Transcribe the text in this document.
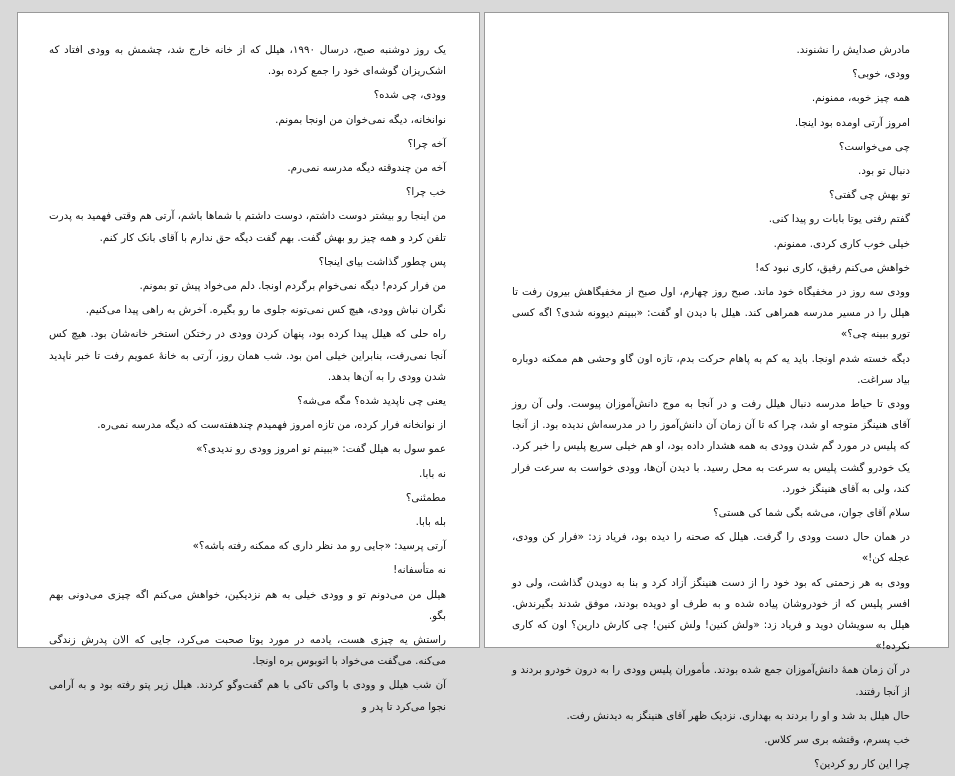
یک روز دوشنبه صبح، درسال ۱۹۹۰، هیلل که از خانه خارج شد، چشمش به وودی افتاد که اشک‌ریزان گوشه‌ای خود را جمع کرده بود.

وودی، چی شده؟

نوانخانه، دیگه نمی‌خوان من اونجا بمونم.

آخه چرا؟

آخه من چندوقته دیگه مدرسه نمی‌رم.

خب چرا؟

من اینجا رو بیشتر دوست داشتم، دوست داشتم با شماها باشم، آرتی هم وقتی فهمید به پدرت تلفن کرد و همه چیز رو بهش گفت. بهم گفت دیگه حق ندارم با آقای بانک کار کنم.

پس چطور گذاشت بیای اینجا؟

من فرار کردم! دیگه نمی‌خوام برگردم اونجا. دلم می‌خواد پیش تو بمونم.

نگران نباش وودی، هیچ کس نمی‌تونه جلوی ما رو بگیره. آخرش به راهی پیدا می‌کنیم.

راه حلی که هیلل پیدا کرده بود، پنهان کردن وودی در رختکن استخر خانه‌شان بود. هیچ کس آنجا نمی‌رفت، بنابراین خیلی امن بود. شب همان روز، آرتی به خانهٔ عمویم رفت تا خبر ناپدید شدن وودی را به آن‌ها بدهد.

یعنی چی ناپدید شده؟ مگه می‌شه؟

از نوانخانه فرار کرده، من تازه امروز فهمیدم چندهفته‌ست که دیگه مدرسه نمی‌ره.

عمو سول به هیلل گفت: «ببینم تو امروز وودی رو ندیدی؟»

نه بابا.

مطمئنی؟

بله بابا.

آرتی پرسید: «جایی رو مد نظر داری که ممکنه رفته باشه؟»

نه متأسفانه!

هیلل من می‌دونم تو و وودی خیلی به هم نزدیکین، خواهش می‌کنم اگه چیزی می‌دونی بهم بگو.

راستش یه چیزی هست، یادمه در مورد یوتا صحبت می‌کرد، جایی که الان پدرش زندگی می‌کنه. می‌گفت می‌خواد با اتوبوس بره اونجا.

آن شب هیلل و وودی با واکی تاکی با هم گفت‌وگو کردند. هیلل زیر پتو رفته بود و به آرامی نجوا می‌کرد تا پدر و

مادرش صدایش را نشنوند.

وودی، خوبی؟

همه چیز خوبه، ممنونم.

امروز آرتی اومده بود اینجا.

چی می‌خواست؟

دنبال تو بود.

تو بهش چی گفتی؟

گفتم رفتی یوتا بابات رو پیدا کنی.

خیلی خوب کاری کردی. ممنونم.

خواهش می‌کنم رفیق، کاری نبود که!

وودی سه روز در مخفیگاه خود ماند. صبح روز چهارم، اول صبح از مخفیگاهش بیرون رفت تا هیلل را در مسیر مدرسه همراهی کند. هیلل با دیدن او گفت: «ببینم دیوونه شدی؟ اگه کسی تورو ببینه چی؟»

دیگه خسته شدم اونجا. باید یه کم به پاهام حرکت بدم، تازه اون گاو وحشی هم ممکنه دوباره بیاد سراغت.

وودی تا حیاط مدرسه دنبال هیلل رفت و در آنجا به موج دانش‌آموزان پیوست. ولی آن روز آقای هنینگز متوجه او شد، چرا که تا آن زمان آن دانش‌آموز را در مدرسه‌اش ندیده بود. از آنجا که پلیس در مورد گم شدن وودی به همه هشدار داده بود، او هم خیلی سریع پلیس را خبر کرد. یک خودرو گشت پلیس به سرعت به محل رسید. با دیدن آن‌ها، وودی خواست به سرعت فرار کند، ولی به آقای هنینگز خورد.

سلام آقای جوان، می‌شه بگی شما کی هستی؟

در همان حال دست وودی را گرفت. هیلل که صحنه را دیده بود، فریاد زد: «فرار کن وودی، عجله کن!»

وودی به هر زحمتی که بود خود را از دست هنینگز آزاد کرد و بنا به دویدن گذاشت، ولی دو افسر پلیس که از خودروشان پیاده شده و به طرف او دویده بودند، موفق شدند بگیرندش. هیلل به سویشان دوید و فریاد زد: «ولش کنین! ولش کنین! چی کارش دارین؟ اون که کاری نکرده!»

در آن زمان همهٔ دانش‌آموزان جمع شده بودند. مأموران پلیس وودی را به درون خودرو بردند و از آنجا رفتند.

حال هیلل بد شد و او را بردند به بهداری. نزدیک ظهر آقای هنینگز به دیدنش رفت.

خب پسرم، وقتشه بری سر کلاس.

چرا این کار رو کردین؟
